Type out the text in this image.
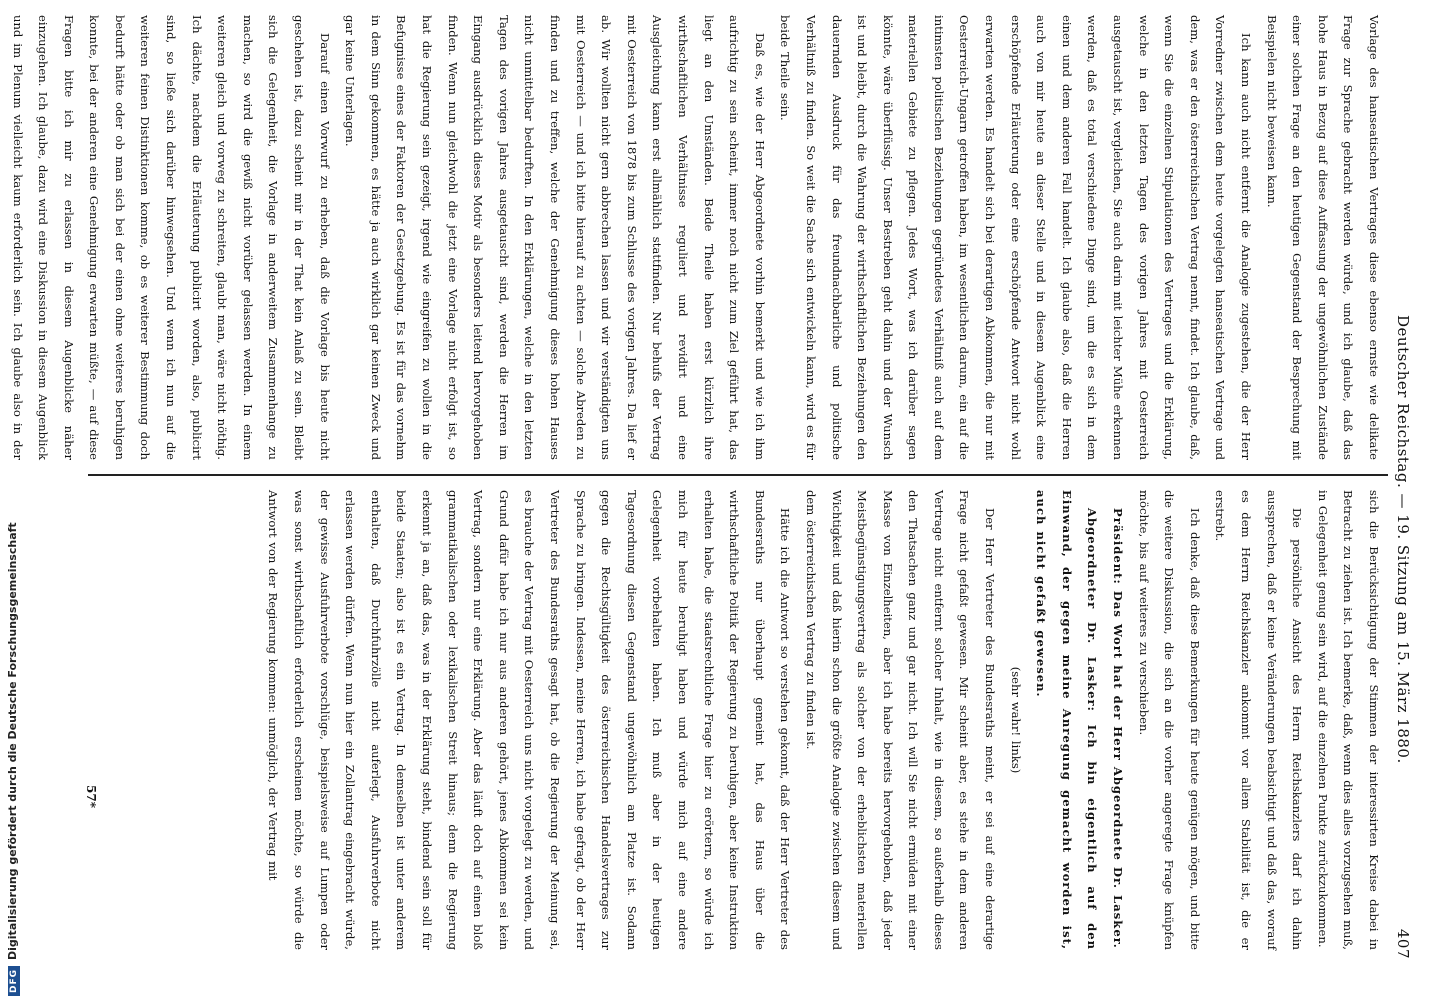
Deutscher Reichstag. — 19. Sitzung am 15. März 1880.
407

Vorlage des hanseatischen Vertrages diese ebenso ernste wie delikate Frage zur Sprache gebracht werden würde, und ich glaube, daß das hohe Haus in Bezug auf diese Auffassung der ungewöhnlichen Zustände einer solchen Frage an den heutigen Gegenstand der Besprechung mit Beispielen nicht beweisen kann.

Ich kann auch nicht entfernt die Analogie zugestehen, die der Herr Vorredner zwischen dem heute vorgelegten hanseatischen Vertrage und dem, was er den österreichischen Vertrag nennt, findet. Ich glaube, daß, wenn Sie die einzelnen Stipulationen des Vertrages und die Erklärung, welche in den letzten Tagen des vorigen Jahres mit Oesterreich ausgetauscht ist, vergleichen, Sie auch darin mit leichter Mühe erkennen werden, daß es total verschiedene Dinge sind, um die es sich in dem einen und dem anderen Fall handelt. Ich glaube also, daß die Herren auch von mir heute an dieser Stelle und in diesem Augenblick eine erschöpfende Erläuterung oder eine erschöpfende Antwort nicht wohl erwarten werden. Es handelt sich bei derartigen Abkommen, die nur mit Oesterreich-Ungarn getroffen haben, im wesentlichen darum, ein auf die intimsten politischen Beziehungen gegründetes Verhältniß auch auf dem materiellen Gebiete zu pflegen. Jedes Wort, was ich darüber sagen könnte, wäre überflüssig. Unser Bestreben geht dahin und der Wunsch ist und bleibt, durch die Wahrung der wirthschaftlichen Beziehungen den dauernden Ausdruck für das freundnachbarliche und politische Verhältniß zu finden. So weit die Sache sich entwickeln kann, wird es für beide Theile sein.

Daß es, wie der Herr Abgeordnete vorhin bemerkt und wie ich ihm aufrichtig zu sein scheint, immer noch nicht zum Ziel geführt hat, das liegt an den Umständen. Beide Theile haben erst kürzlich ihre wirthschaftlichen Verhältnisse reguliert und revidirt und eine Ausgleichung kann erst allmählich stattfinden. Nur behufs der Vertrag mit Oesterreich von 1878 bis zum Schlusse des vorigen Jahres. Da lief er ab. Wir wollten nicht gern abbrechen lassen und wir verständigten uns mit Oesterreich — und ich bitte hierauf zu achten — solche Abreden zu finden und zu treffen, welche der Genehmigung dieses hohen Hauses nicht unmittelbar bedurften. In den Erklärungen, welche in den letzten Tagen des vorigen Jahres ausgetauscht sind, werden die Herren im Eingang ausdrücklich dieses Motiv als besonders leitend hervorgehoben finden. Wenn nun gleichwohl die jetzt eine Vorlage nicht erfolgt ist, so hat die Regierung sein gezeigt, irgend wie eingreifen zu wollen in die Befugnisse eines der Faktoren der Gesetzgebung. Es ist für das vornehm in dem Sinn gekommen, es hätte ja auch wirklich gar keinen Zweck und gar keine Unterlagen.

Darauf einen Vorwurf zu erheben, daß die Vorlage bis heute nicht geschehen ist, dazu scheint mir in der That kein Anlaß zu sein. Bleibt sich die Gelegenheit, die Vorlage in anderweitem Zusammenhange zu machen, so wird die gewiß nicht vorüber gelassen werden. In einem weiteren gleich und vorweg zu schreiten, glaubt man, wäre nicht nöthig. Ich dächte, nachdem die Erläuterung publicirt worden, also, publicirt sind, so ließe sich darüber hinwegsehen. Und wenn ich nun auf die weiteren feinen Distinktionen komme, ob es weiterer Bestimmung doch bedurft hätte oder ob man sich bei der einen ohne weiteres beruhigen konnte, bei der anderen eine Genehmigung erwarten müßte, — auf diese Fragen bitte ich mir zu erlassen in diesem Augenblicke näher einzugehen. Ich glaube, dazu wird eine Diskussion in diesem Augenblick und im Plenum vielleicht kaum erforderlich sein. Ich glaube also in der

sich die Berücksichtigung der Stimmen der interessirten Kreise dabei in Betracht zu ziehen ist. Ich bemerke, daß, wenn dies alles vorzugsehen muß, in Gelegenheit genug sein wird, auf die einzelnen Punkte zurückzukommen.

Die persönliche Ansicht des Herrn Reichskanzlers darf ich dahin aussprechen, daß er keine Veränderungen beabsichtigt und daß das, worauf es dem Herrn Reichskanzler ankommt vor allem Stabilität ist, die er erstrebt.

Ich denke, daß diese Bemerkungen für heute genügen mögen, und bitte die weitere Diskussion, die sich an die vorher angeregte Frage knüpfen möchte, bis auf weiteres zu verschieben.

Präsident: Das Wort hat der Herr Abgeordnete Dr. Lasker.

Abgeordneter Dr. Lasker: Ich bin eigentlich auf den Einwand, der gegen meine Anregung gemacht worden ist, auch nicht gefaßt gewesen.

(sehr wahr! links)

Der Herr Vertreter des Bundesraths meint, er sei auf eine derartige Frage nicht gefaßt gewesen. Mir scheint aber, es stehe in dem anderen Vertrage nicht entfernt solcher Inhalt, wie in diesem, so außerhalb dieses den Thatsachen ganz und gar nicht. Ich will Sie nicht ermüden mit einer Masse von Einzelheiten, aber ich habe bereits hervorgehoben, daß jeder Meistbegünstigungsvertrag als solcher von der erheblichsten materiellen Wichtigkeit und daß hierin schon die größte Analogie zwischen diesem und dem österreichischen Vertrag zu finden ist.

Hätte ich die Antwort so verstehen gekonnt, daß der Herr Vertreter des Bundesraths nur überhaupt gemeint hat, das Haus über die wirthschaftliche Politik der Regierung zu beruhigen, aber keine Instruktion erhalten habe, die staatsrechtliche Frage hier zu erörtern, so würde ich mich für heute beruhigt haben und würde mich auf eine andere Gelegenheit vorbehalten haben. Ich muß aber in der heutigen Tagesordnung diesen Gegenstand ungewöhnlich am Platze ist. Sodann gegen die Rechtsgültigkeit des österreichischen Handelsvertrages zur Sprache zu bringen. Indessen, meine Herren, ich habe gefragt, ob der Herr Vertreter des Bundesraths gesagt hat, ob die Regierung der Meinung sei, es brauche der Vertrag mit Oesterreich uns nicht vorgelegt zu werden, und Grund dafür habe ich nur aus anderen gehört, jenes Abkommen sei kein Vertrag, sondern nur eine Erklärung. Aber das läuft doch auf einen bloß grammatikalischen oder lexikalischen Streit hinaus; denn die Regierung erkennt ja an, daß das, was in der Erklärung steht, bindend sein soll für beide Staaten; also ist es ein Vertrag. In demselben ist unter anderem enthalten, daß Durchfuhrzölle nicht auferlegt, Ausfuhrverbote nicht erlassen werden dürfen. Wenn nun hier ein Zollantrag eingebracht würde, der gewisse Ausfuhrverbote vorschlüge, beispielsweise auf Lumpen oder was sonst wirthschaftlich erforderlich erscheinen möchte, so würde die Antwort von der Regierung kommen: unmöglich, der Vertrag mit

57*
DFGDigitalisierung gefördert durch die Deutsche Forschungsgemeinschaft
